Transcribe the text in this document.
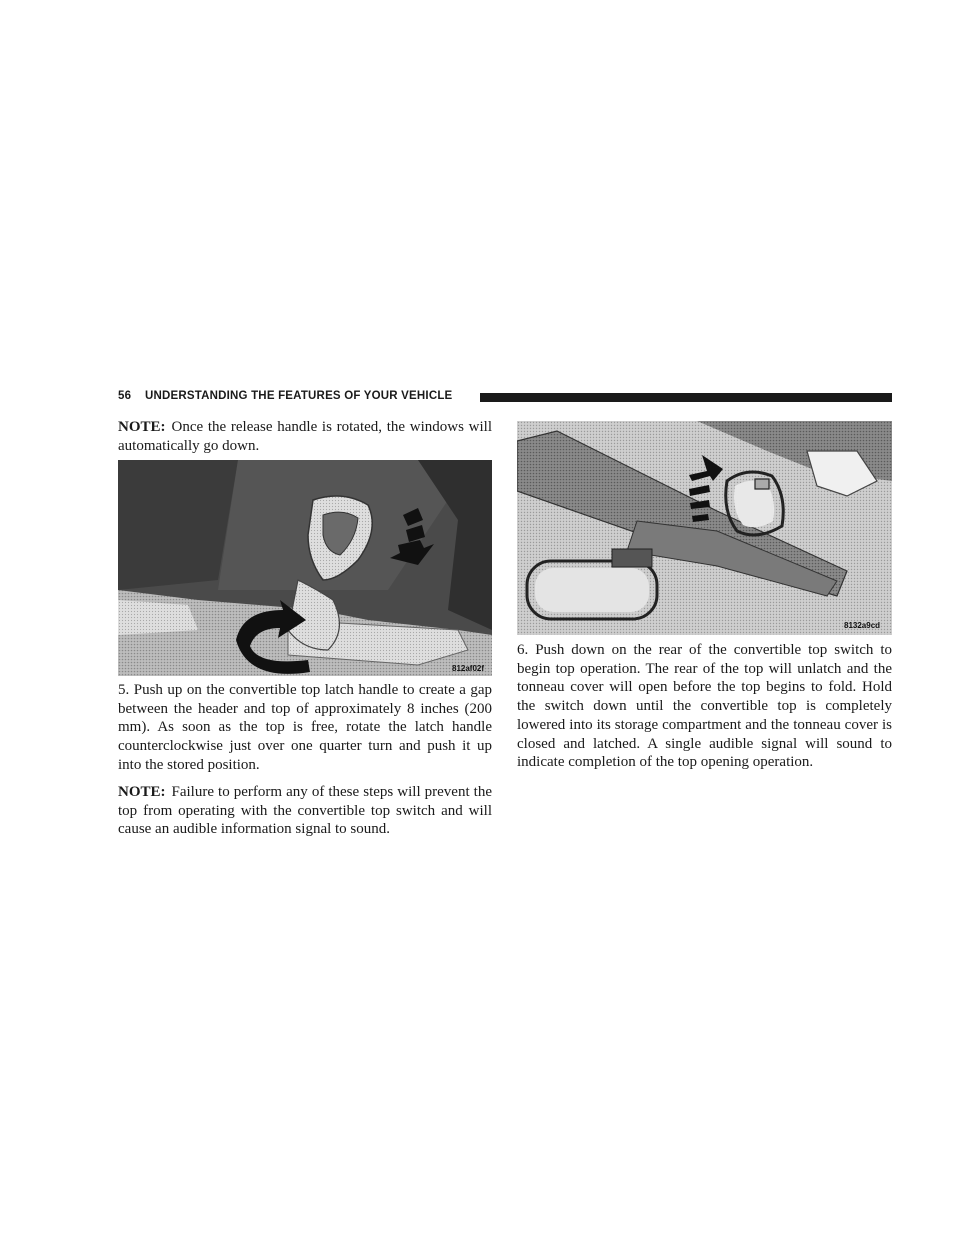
56 UNDERSTANDING THE FEATURES OF YOUR VEHICLE

NOTE: Once the release handle is rotated, the windows will automatically go down.

812af02f

5. Push up on the convertible top latch handle to create a gap between the header and top of approximately 8 inches (200 mm). As soon as the top is free, rotate the latch handle counterclockwise just over one quarter turn and push it up into the stored position.

NOTE: Failure to perform any of these steps will prevent the top from operating with the convertible top switch and will cause an audible information signal to sound.

8132a9cd

6. Push down on the rear of the convertible top switch to begin top operation. The rear of the top will unlatch and the tonneau cover will open before the top begins to fold. Hold the switch down until the convertible top is completely lowered into its storage compartment and the tonneau cover is closed and latched. A single audible signal will sound to indicate completion of the top opening operation.
